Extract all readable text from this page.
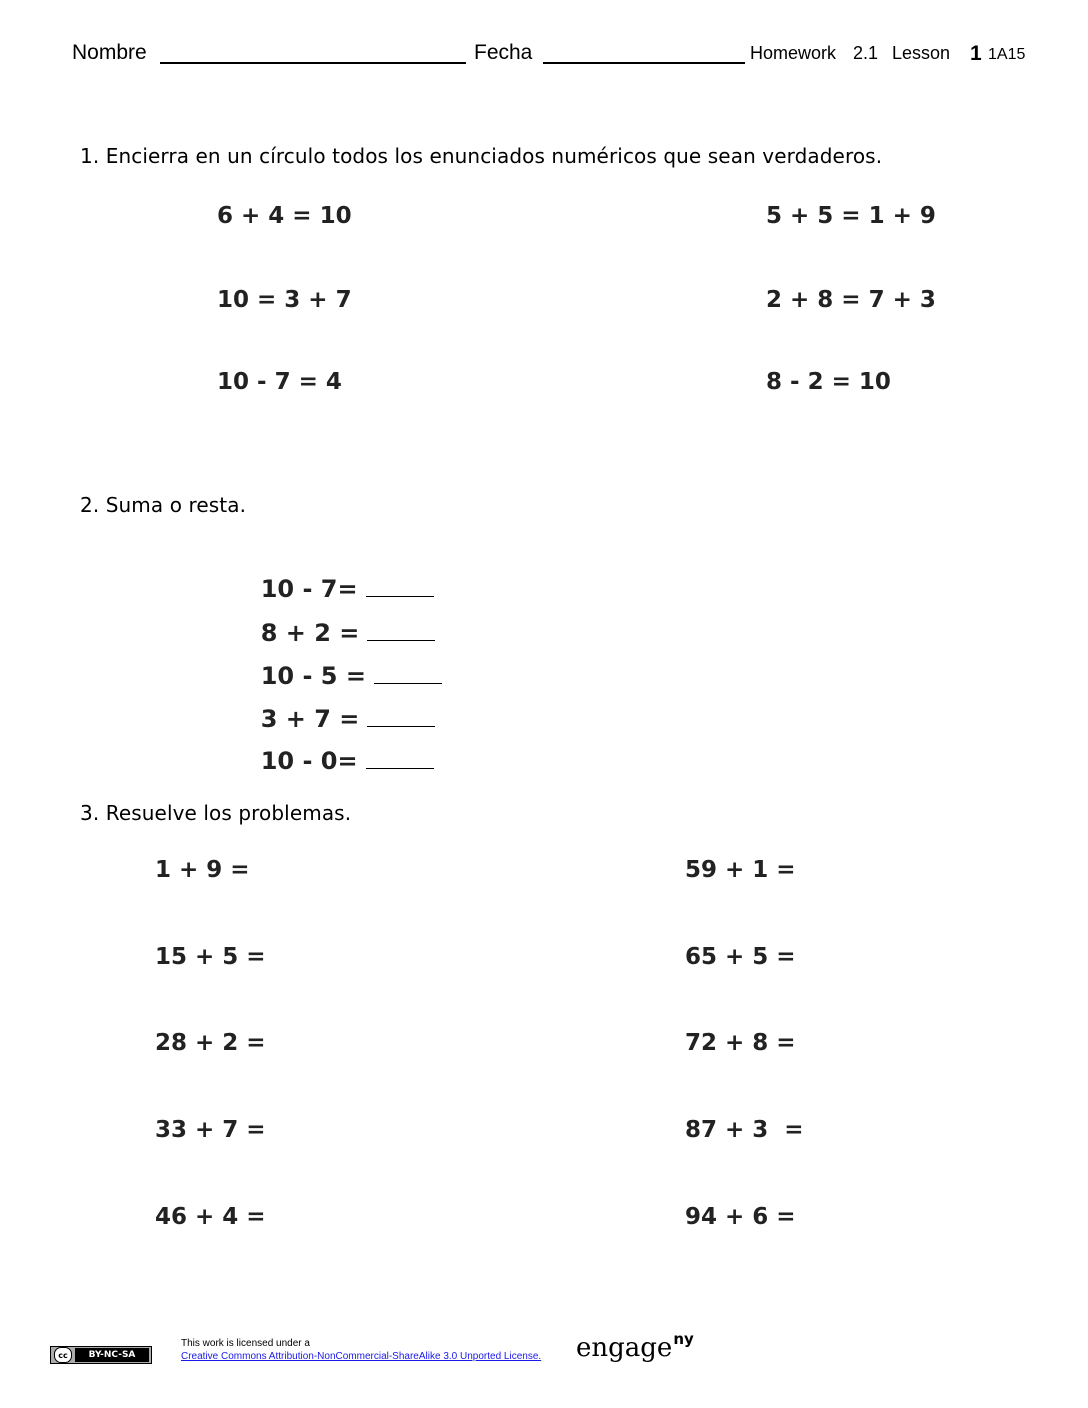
Nombre	Fecha	Homework 2.1 Lesson 1 1A15
1. Encierra en un círculo todos los enunciados numéricos que sean verdaderos.
6 + 4 = 10
10 = 3 + 7
10 - 7 = 4
5 + 5 = 1 + 9
2 + 8 = 7 + 3
8 - 2 = 10
2. Suma o resta.

10 - 7=

8 + 2 =

10 - 5 =

3 + 7 =

10 - 0=

3. Resuelve los problemas.
1 + 9 =
15 + 5 =
28 + 2 =
33 + 7 =
46 + 4 =
59 + 1 =
65 + 5 =
72 + 8 =
87 + 3  =
94 + 6 =
cc	BY-NC-SA
This work is licensed under a
Creative Commons Attribution-NonCommercial-ShareAlike 3.0 Unported License. engage$^{ny}$
